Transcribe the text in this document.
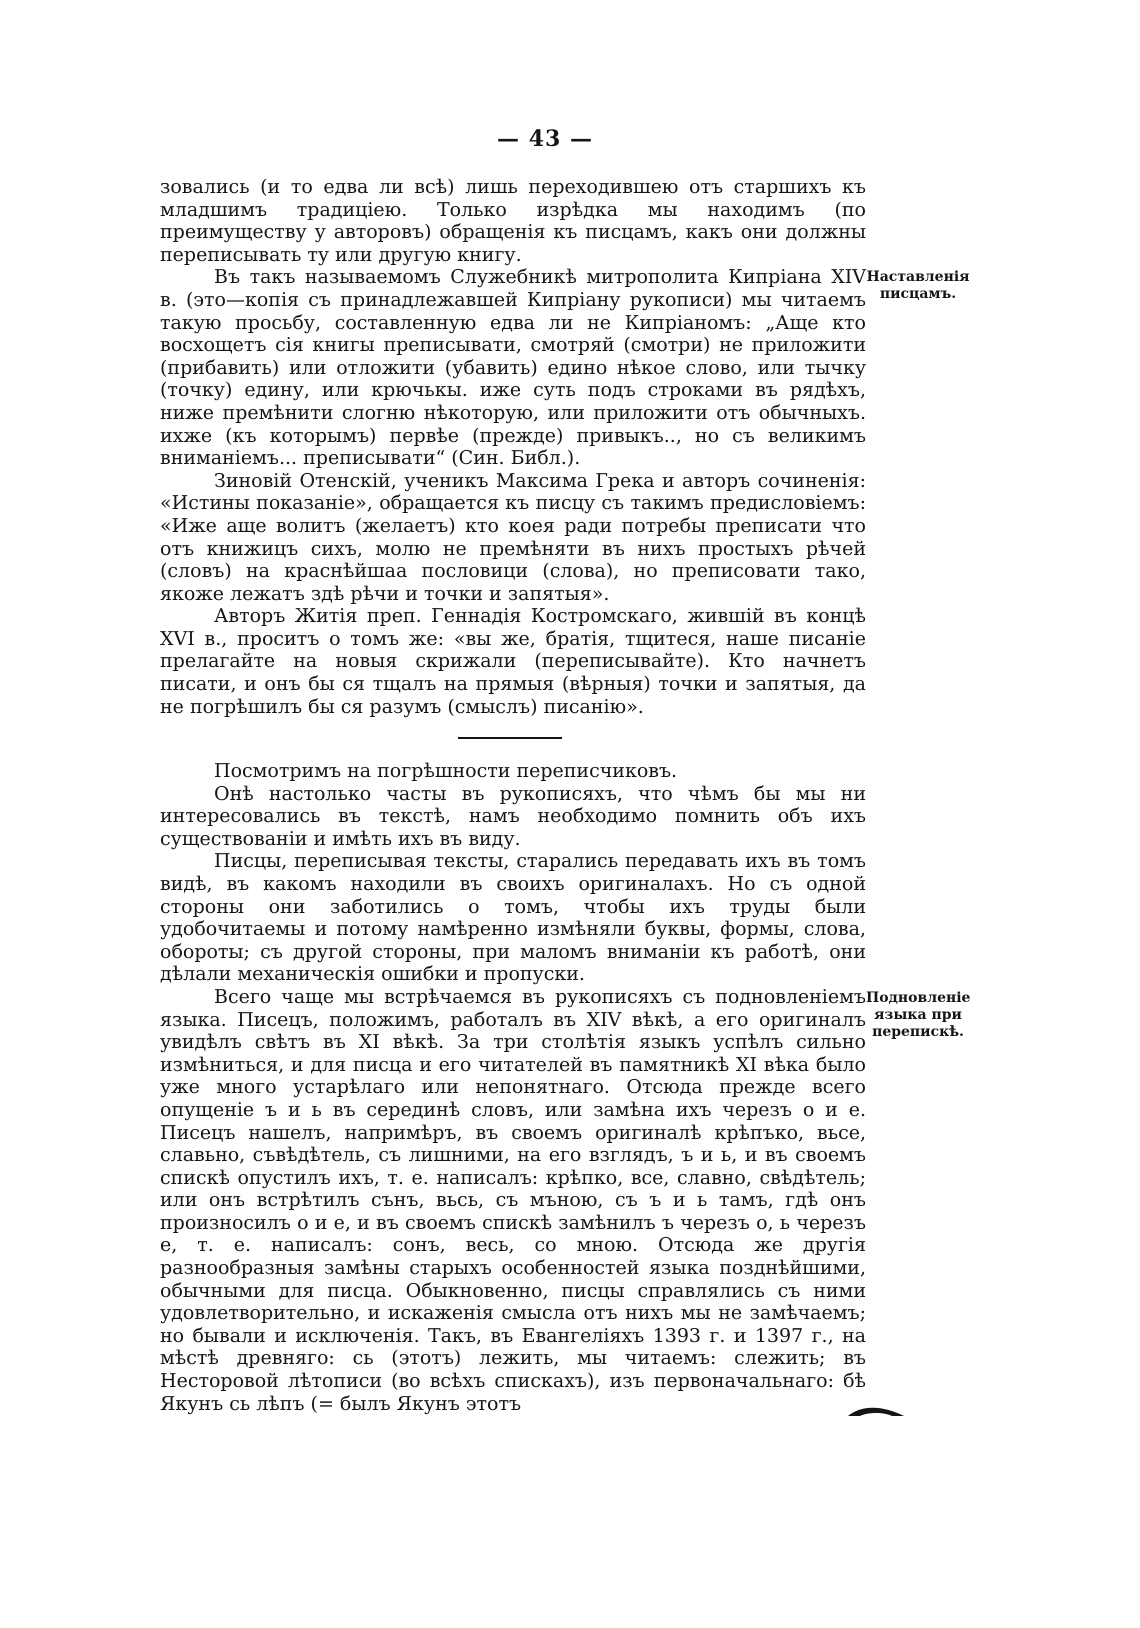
— 43 —

зовались (и то едва ли всѣ) лишь переходившею отъ старшихъ къ младшимъ традиціею. Только изрѣдка мы находимъ (по преимуществу у авторовъ) обращенія къ писцамъ, какъ они должны переписывать ту или другую книгу.

Въ такъ называемомъ Служебникѣ митрополита Кипріана XIV в. (это—копія съ принадлежавшей Кипріану рукописи) мы читаемъ такую просьбу, составленную едва ли не Кипріаномъ: „Аще кто восхощетъ сія книгы преписывати, смотряй (смотри) не приложити (прибавить) или отложити (убавить) едино нѣкое слово, или тычку (точку) едину, или крючькы. иже суть подъ строками въ рядѣхъ, ниже премѣнити слогню нѣкоторую, или приложити отъ обычныхъ. ихже (къ которымъ) первѣе (прежде) привыкъ.., но съ великимъ вниманіемъ... преписывати“ (Син. Библ.).

Зиновій Отенскій, ученикъ Максима Грека и авторъ сочиненія: «Истины показаніе», обращается къ писцу съ такимъ предисловіемъ: «Иже аще волитъ (желаетъ) кто коея ради потребы преписати что отъ книжицъ сихъ, молю не премѣняти въ нихъ простыхъ рѣчей (словъ) на краснѣйшаа пословици (слова), но преписовати тако, якоже лежатъ здѣ рѣчи и точки и запятыя».

Авторъ Житія преп. Геннадія Костромскаго, жившій въ концѣ XVI в., проситъ о томъ же: «вы же, братія, тщитеся, наше писаніе прелагайте на новыя скрижали (переписывайте). Кто начнетъ писати, и онъ бы ся тщалъ на прямыя (вѣрныя) точки и запятыя, да не погрѣшилъ бы ся разумъ (смыслъ) писанію».

Наставленія писцамъ.

Посмотримъ на погрѣшности переписчиковъ.

Онѣ настолько часты въ рукописяхъ, что чѣмъ бы мы ни интересовались въ текстѣ, намъ необходимо помнить объ ихъ существованіи и имѣть ихъ въ виду.

Писцы, переписывая тексты, старались передавать ихъ въ томъ видѣ, въ какомъ находили въ своихъ оригиналахъ. Но съ одной стороны они заботились о томъ, чтобы ихъ труды были удобочитаемы и потому намѣренно измѣняли буквы, формы, слова, обороты; съ другой стороны, при маломъ вниманіи къ работѣ, они дѣлали механическія ошибки и пропуски.

Всего чаще мы встрѣчаемся въ рукописяхъ съ подновленіемъ языка. Писецъ, положимъ, работалъ въ XIV вѣкѣ, а его оригиналъ увидѣлъ свѣтъ въ XI вѣкѣ. За три столѣтія языкъ успѣлъ сильно измѣниться, и для писца и его читателей въ памятникѣ XI вѣка было уже много устарѣлаго или непонятнаго. Отсюда прежде всего опущеніе ъ и ь въ серединѣ словъ, или замѣна ихъ черезъ о и е. Писецъ нашелъ, напримѣръ, въ своемъ оригиналѣ крѣпъко, вьсе, славьно, съвѣдѣтель, съ лишними, на его взглядъ, ъ и ь, и въ своемъ спискѣ опустилъ ихъ, т. е. написалъ: крѣпко, все, славно, свѣдѣтель; или онъ встрѣтилъ сънъ, вьсь, съ мъною, съ ъ и ь тамъ, гдѣ онъ произносилъ о и е, и въ своемъ спискѣ замѣнилъ ъ черезъ о, ь черезъ е, т. е. написалъ: сонъ, весь, со мною. Отсюда же другія разнообразныя замѣны старыхъ особенностей языка позднѣйшими, обычными для писца. Обыкновенно, писцы справлялись съ ними удовлетворительно, и искаженія смысла отъ нихъ мы не замѣчаемъ; но бывали и исключенія. Такъ, въ Евангеліяхъ 1393 г. и 1397 г., на мѣстѣ древняго: сь (этотъ) лежить, мы читаемъ: слежить; въ Несторовой лѣтописи (во всѣхъ спискахъ), изъ первоначальнаго: бѣ Якунъ сь лѣпъ (= былъ Якунъ этотъ

Подновленіе языка при перепискѣ.
